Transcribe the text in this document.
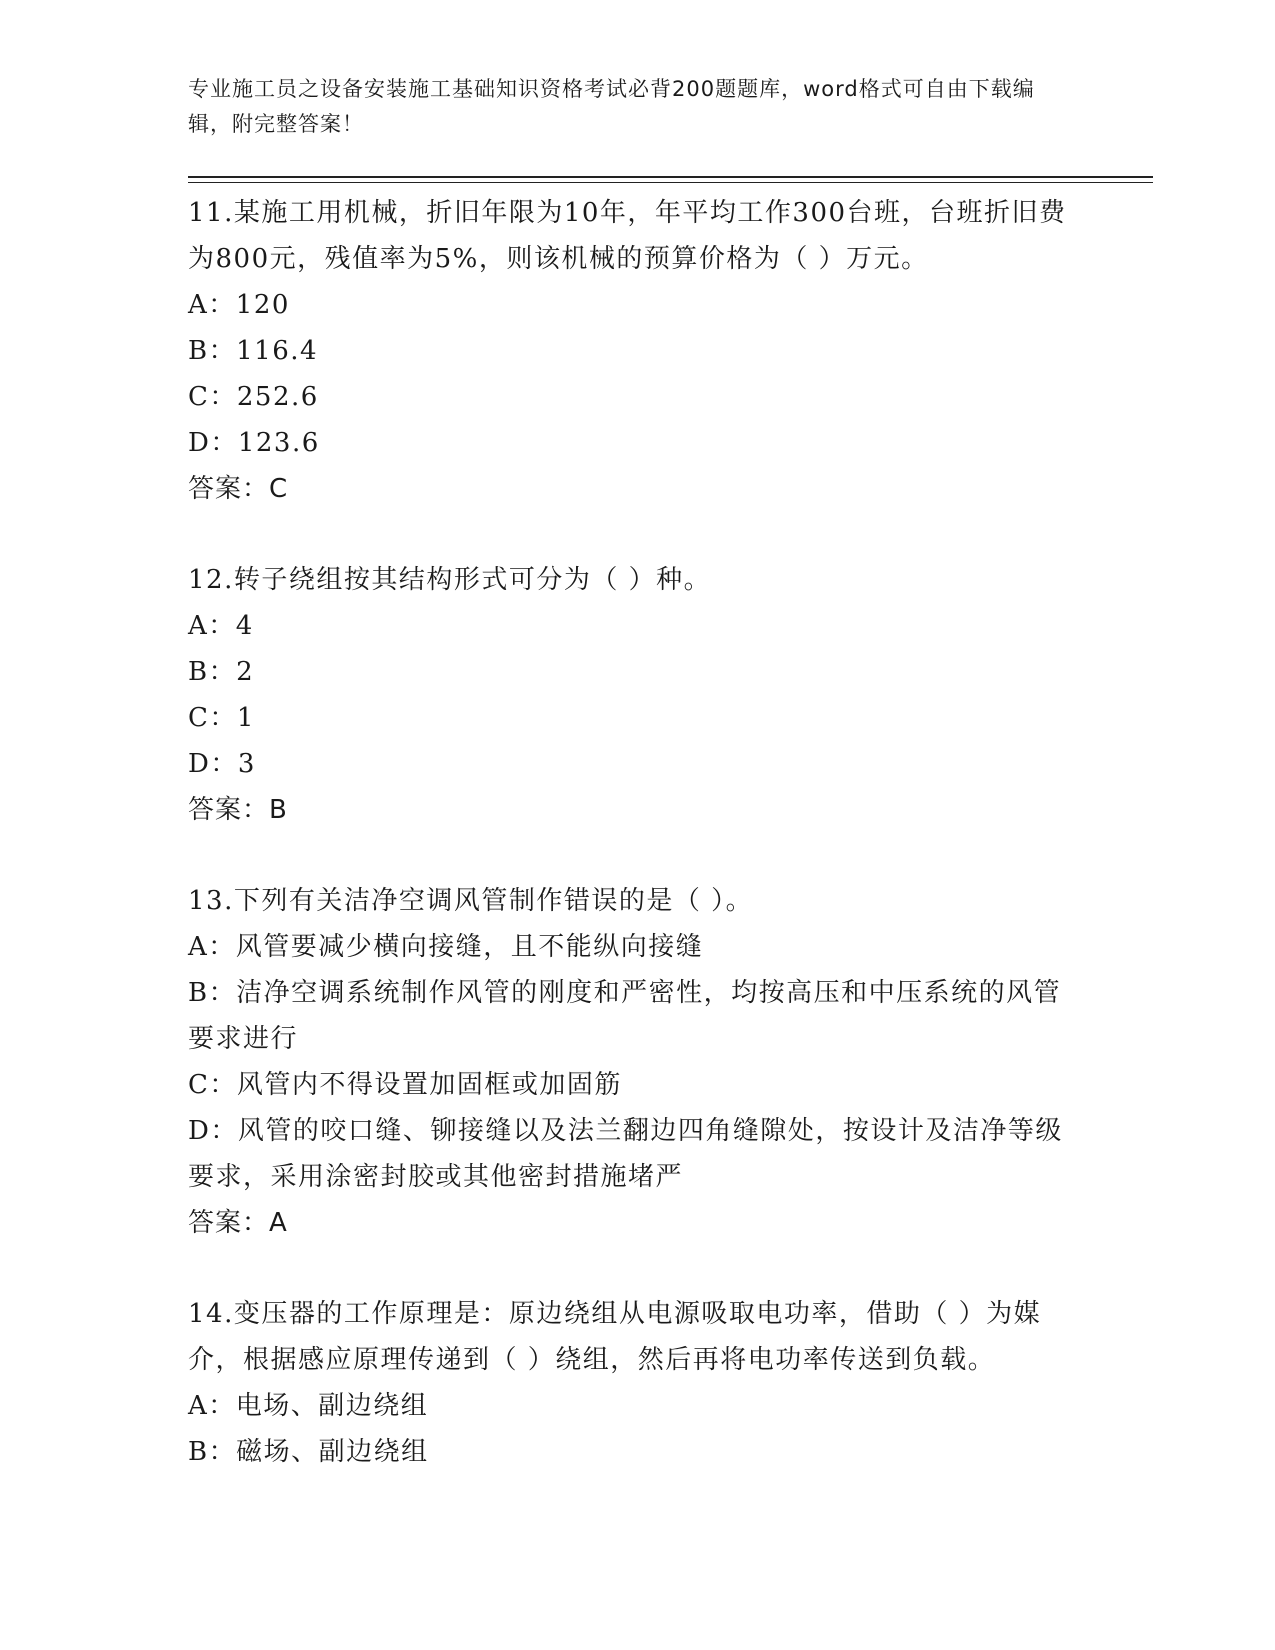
专业施工员之设备安装施工基础知识资格考试必背200题题库，word格式可自由下载编辑，附完整答案！
11.某施工用机械，折旧年限为10年，年平均工作300台班，台班折旧费为800元，残值率为5%，则该机械的预算价格为（ ）万元。
A：120
B：116.4
C：252.6
D：123.6
答案：C
12.转子绕组按其结构形式可分为（ ）种。
A：4
B：2
C：1
D：3
答案：B
13.下列有关洁净空调风管制作错误的是（ ）。
A：风管要减少横向接缝，且不能纵向接缝
B：洁净空调系统制作风管的刚度和严密性，均按高压和中压系统的风管要求进行
C：风管内不得设置加固框或加固筋
D：风管的咬口缝、铆接缝以及法兰翻边四角缝隙处，按设计及洁净等级要求，采用涂密封胶或其他密封措施堵严
答案：A
14.变压器的工作原理是：原边绕组从电源吸取电功率，借助（ ）为媒介，根据感应原理传递到（ ）绕组，然后再将电功率传送到负载。
A：电场、副边绕组
B：磁场、副边绕组
